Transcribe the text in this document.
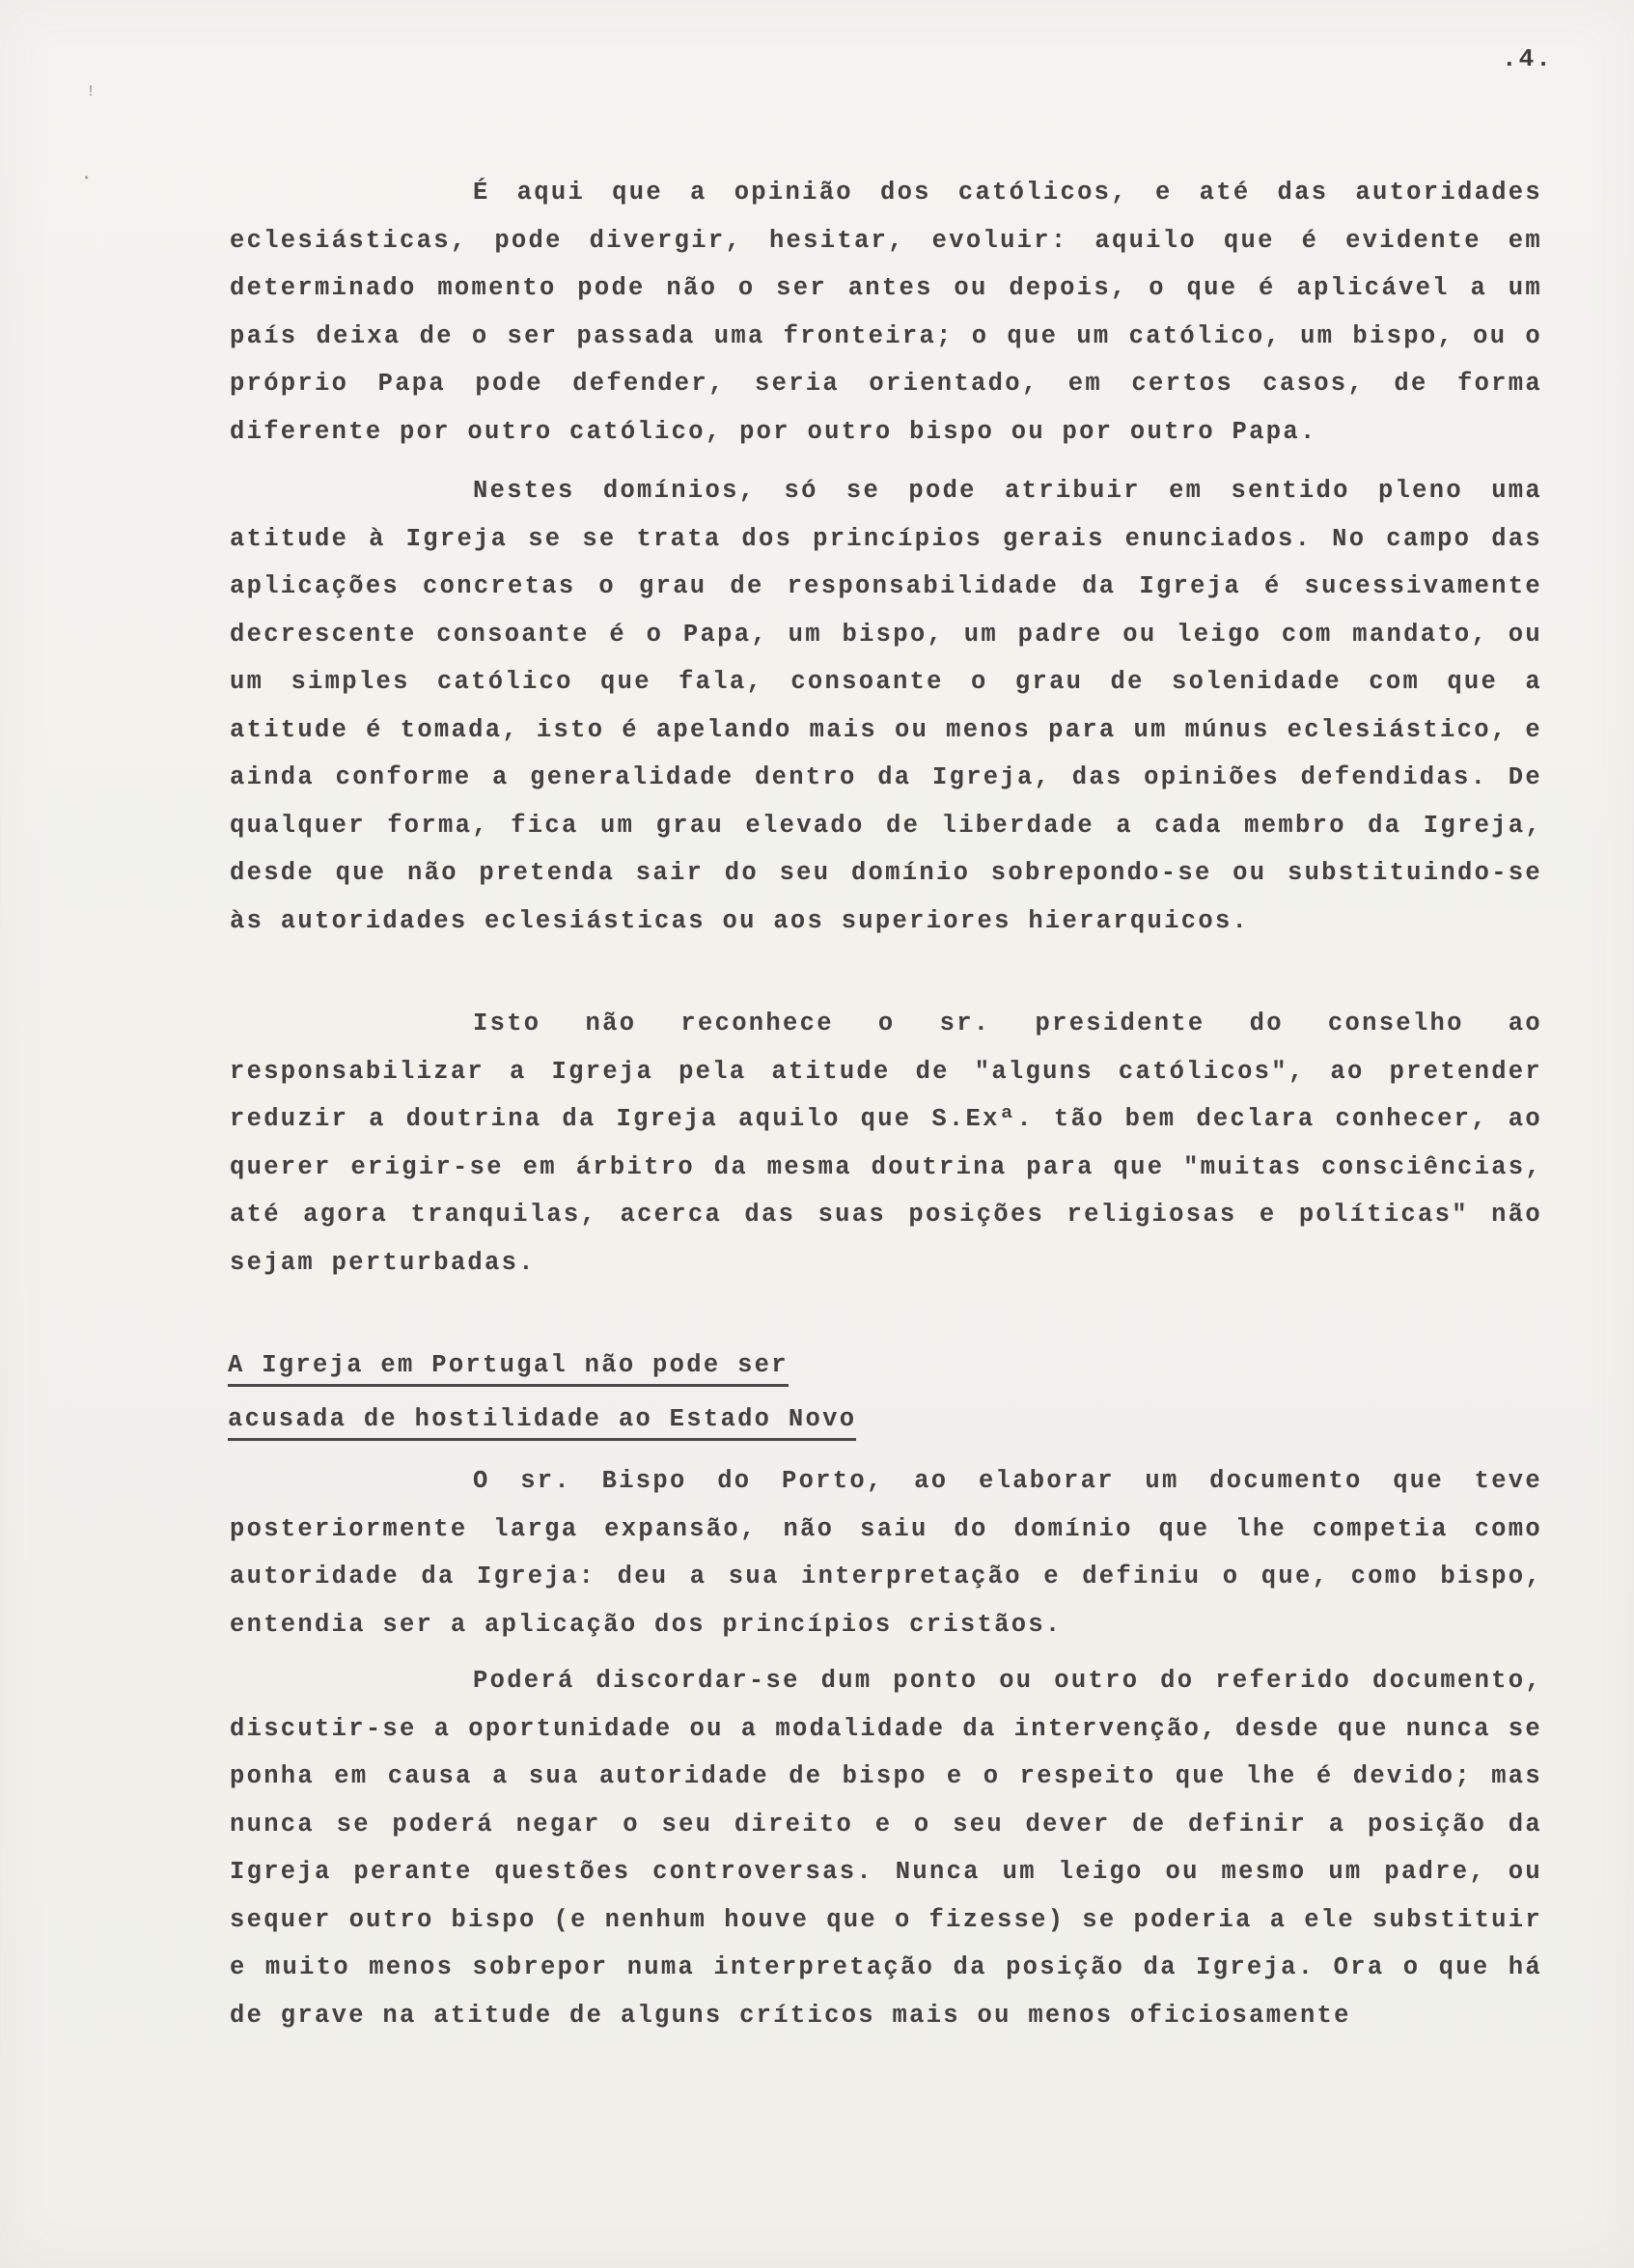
.4.
ꜝ
•	É aqui que a opinião dos católicos, e até das autoridades eclesiásticas, pode divergir, hesitar, evoluir: aquilo que é evidente em determinado momento pode não o ser antes ou depois, o que é aplicável a um país deixa de o ser passada uma fronteira; o que um católico, um bispo, ou o próprio Papa pode defender, seria orientado, em certos casos, de forma diferente por outro católico, por outro bispo ou por outro Papa.

Nestes domínios, só se pode atribuir em sentido pleno uma atitude à Igreja se se trata dos princípios gerais enunciados. No campo das aplicações concretas o grau de responsabilidade da Igreja é sucessivamente decrescente consoante é o Papa, um bispo, um padre ou leigo com mandato, ou um simples católico que fala, consoante o grau de solenidade com que a atitude é tomada, isto é apelando mais ou menos para um múnus eclesiástico, e ainda conforme a generalidade dentro da Igreja, das opiniões defendidas. De qualquer forma, fica um grau elevado de liberdade a cada membro da Igreja, desde que não pretenda sair do seu domínio sobrepondo-se ou substituindo-se às autoridades eclesiásticas ou aos superiores hierarquicos.

Isto não reconhece o sr. presidente do conselho ao responsabilizar a Igreja pela atitude de "alguns católicos", ao pretender reduzir a doutrina da Igreja aquilo que S.Exª. tão bem declara conhecer, ao querer erigir-se em árbitro da mesma doutrina para que "muitas consciências, até agora tranquilas, acerca das suas posições religiosas e políticas" não sejam perturbadas.

A Igreja em Portugal não pode ser
acusada de hostilidade ao Estado Novo

O sr. Bispo do Porto, ao elaborar um documento que teve posteriormente larga expansão, não saiu do domínio que lhe competia como autoridade da Igreja: deu a sua interpretação e definiu o que, como bispo, entendia ser a aplicação dos princípios cristãos.

Poderá discordar-se dum ponto ou outro do referido documento, discutir-se a oportunidade ou a modalidade da intervenção, desde que nunca se ponha em causa a sua autoridade de bispo e o respeito que lhe é devido; mas nunca se poderá negar o seu direito e o seu dever de definir a posição da Igreja perante questões controversas. Nunca um leigo ou mesmo um padre, ou sequer outro bispo (e nenhum houve que o fizesse) se poderia a ele substituir e muito menos sobrepor numa interpretação da posição da Igreja. Ora o que há de grave na atitude de alguns críticos mais ou menos oficiosamente
